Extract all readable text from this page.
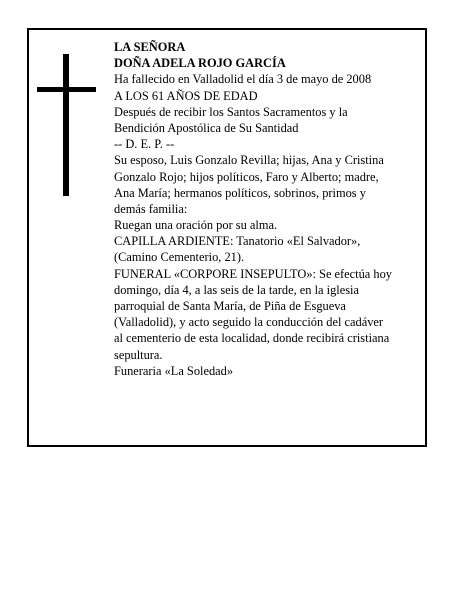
LA SEÑORA
DOÑA ADELA ROJO GARCÍA
Ha fallecido en Valladolid el día 3 de mayo de 2008
A LOS 61 AÑOS DE EDAD
Después de recibir los Santos Sacramentos y la
Bendición Apostólica de Su Santidad
-- D. E. P. --
Su esposo, Luis Gonzalo Revilla; hijas, Ana y Cristina
Gonzalo Rojo; hijos políticos, Faro y Alberto; madre,
Ana María; hermanos políticos, sobrinos, primos y
demás familia:
Ruegan una oración por su alma.
CAPILLA ARDIENTE: Tanatorio «El Salvador»,
(Camino Cementerio, 21).
FUNERAL «CORPORE INSEPULTO»: Se efectúa hoy
domingo, día 4, a las seis de la tarde, en la iglesia
parroquial de Santa María, de Piña de Esgueva
(Valladolid), y acto seguido la conducción del cadáver
al cementerio de esta localidad, donde recibirá cristiana
sepultura.
Funeraria «La Soledad»
